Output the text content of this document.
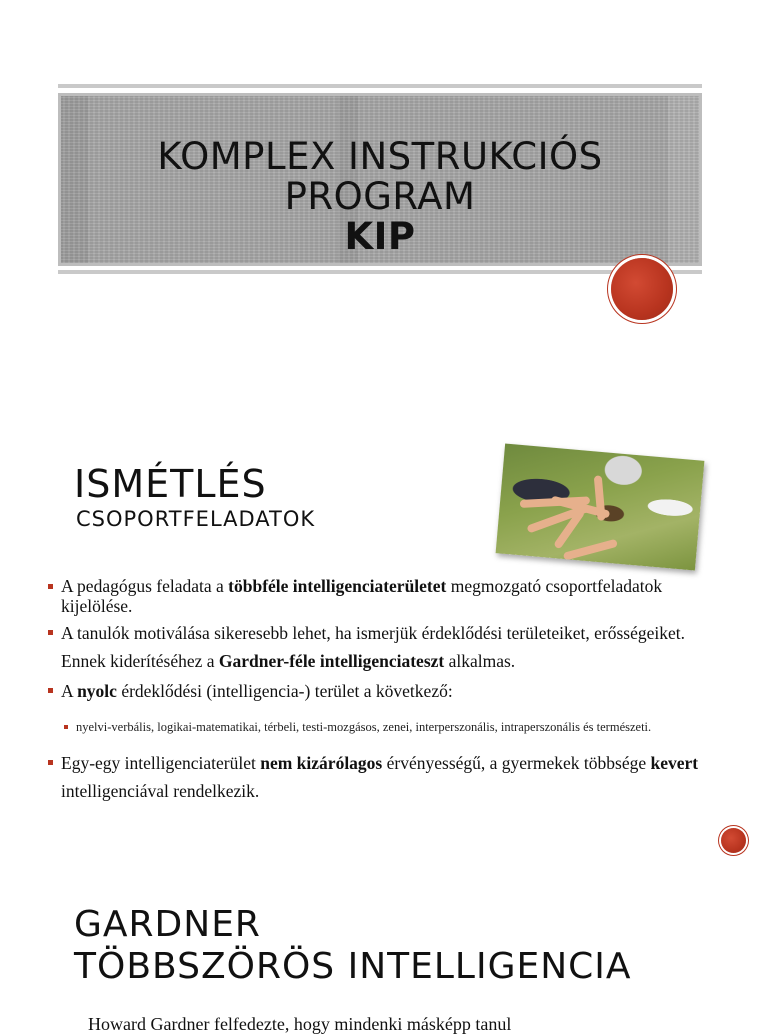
KOMPLEX INSTRUKCIÓS
PROGRAM
KIP
ISMÉTLÉS
CSOPORTFELADATOK

A pedagógus feladata a többféle intelligenciaterületet megmozgató csoportfeladatok kijelölése.

A tanulók motiválása sikeresebb lehet, ha ismerjük érdeklődési területeiket, erősségeiket. Ennek kiderítéséhez a Gardner-féle intelligenciateszt alkalmas.

A nyolc érdeklődési (intelligencia-) terület a következő:

nyelvi-verbális, logikai-matematikai, térbeli, testi-mozgásos, zenei, interperszonális, intraperszonális és természeti.

Egy-egy intelligenciaterület nem kizárólagos érvényességű, a gyermekek többsége kevert intelligenciával rendelkezik.

GARDNER
TÖBBSZÖRÖS INTELLIGENCIA
Howard Gardner felfedezte, hogy mindenki másképp tanul
